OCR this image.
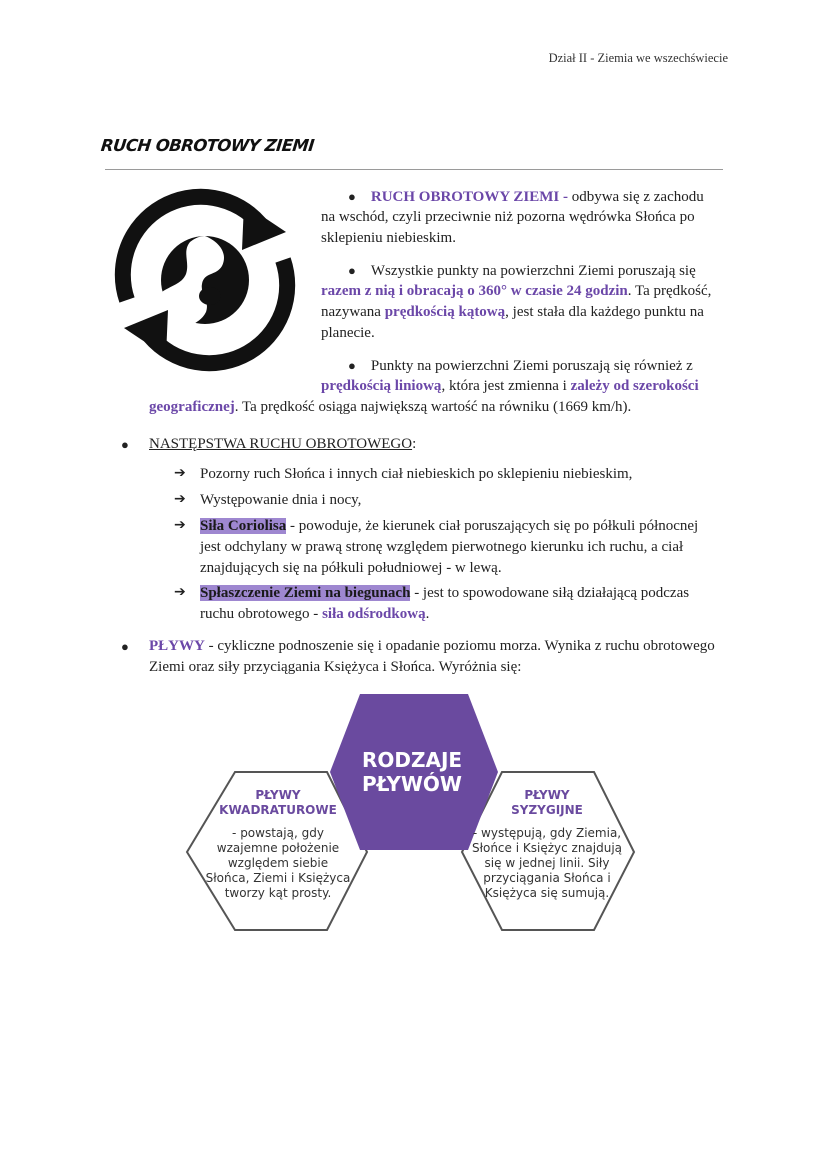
Dział II - Ziemia we wszechświecie
RUCH OBROTOWY ZIEMI
● RUCH OBROTOWY ZIEMI - odbywa się z zachodu
na wschód, czyli przeciwnie niż pozorna wędrówka Słońca po
sklepieniu niebieskim.
● Wszystkie punkty na powierzchni Ziemi poruszają się
razem z nią i obracają o 360° w czasie 24 godzin. Ta prędkość,
nazywana prędkością kątową, jest stała dla każdego punktu na
planecie.
● Punkty na powierzchni Ziemi poruszają się również z
prędkością liniową, która jest zmienna i zależy od szerokości
geograficznej. Ta prędkość osiąga największą wartość na równiku (1669 km/h).
● NASTĘPSTWA RUCHU OBROTOWEGO:
➔ Pozorny ruch Słońca i innych ciał niebieskich po sklepieniu niebieskim,
➔ Występowanie dnia i nocy,
➔ Siła Coriolisa - powoduje, że kierunek ciał poruszających się po półkuli północnej
jest odchylany w prawą stronę względem pierwotnego kierunku ich ruchu, a ciał
znajdujących się na półkuli południowej - w lewą.
➔ Spłaszczenie Ziemi na biegunach - jest to spowodowane siłą działającą podczas
ruchu obrotowego - siła odśrodkową.
● PŁYWY - cykliczne podnoszenie się i opadanie poziomu morza. Wynika z ruchu obrotowego
Ziemi oraz siły przyciągania Księżyca i Słońca. Wyróżnia się:
RODZAJE
PŁYWÓW
PŁYWY
KWADRATUROWE
- powstają, gdy
wzajemne położenie
względem siebie
Słońca, Ziemi i Księżyca
tworzy kąt prosty.
PŁYWY
SYZYGIJNE
- występują, gdy Ziemia,
Słońce i Księżyc znajdują
się w jednej linii. Siły
przyciągania Słońca i
Księżyca się sumują.
